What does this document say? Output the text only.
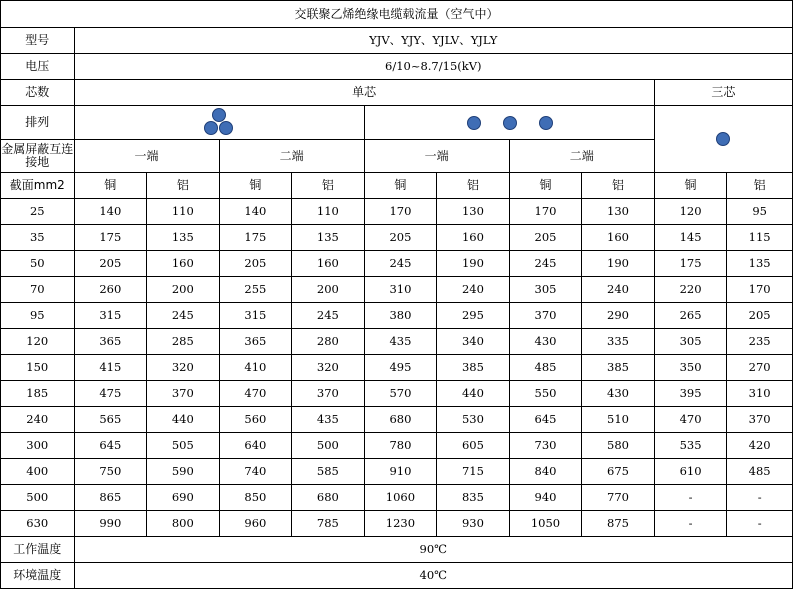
交联聚乙烯绝缘电缆载流量（空气中）										
型号	YJV、YJY、YJLV、YJLY									
电压	6/10~8.7/15(kV)									
芯数	单芯								三芯	
排列								

金属屏蔽互连接地	一端		二端		一端		二端			
截面mm2	铜	铝	铜	铝	铜	铝	铜	铝	铜	铝
25	140	110	140	110	170	130	170	130	120	95
35	175	135	175	135	205	160	205	160	145	115
50	205	160	205	160	245	190	245	190	175	135
70	260	200	255	200	310	240	305	240	220	170
95	315	245	315	245	380	295	370	290	265	205
120	365	285	365	280	435	340	430	335	305	235
150	415	320	410	320	495	385	485	385	350	270
185	475	370	470	370	570	440	550	430	395	310
240	565	440	560	435	680	530	645	510	470	370
300	645	505	640	500	780	605	730	580	535	420
400	750	590	740	585	910	715	840	675	610	485
500	865	690	850	680	1060	835	940	770	-	-
630	990	800	960	785	1230	930	1050	875	-	-
工作温度	90℃									
环境温度	40℃									
